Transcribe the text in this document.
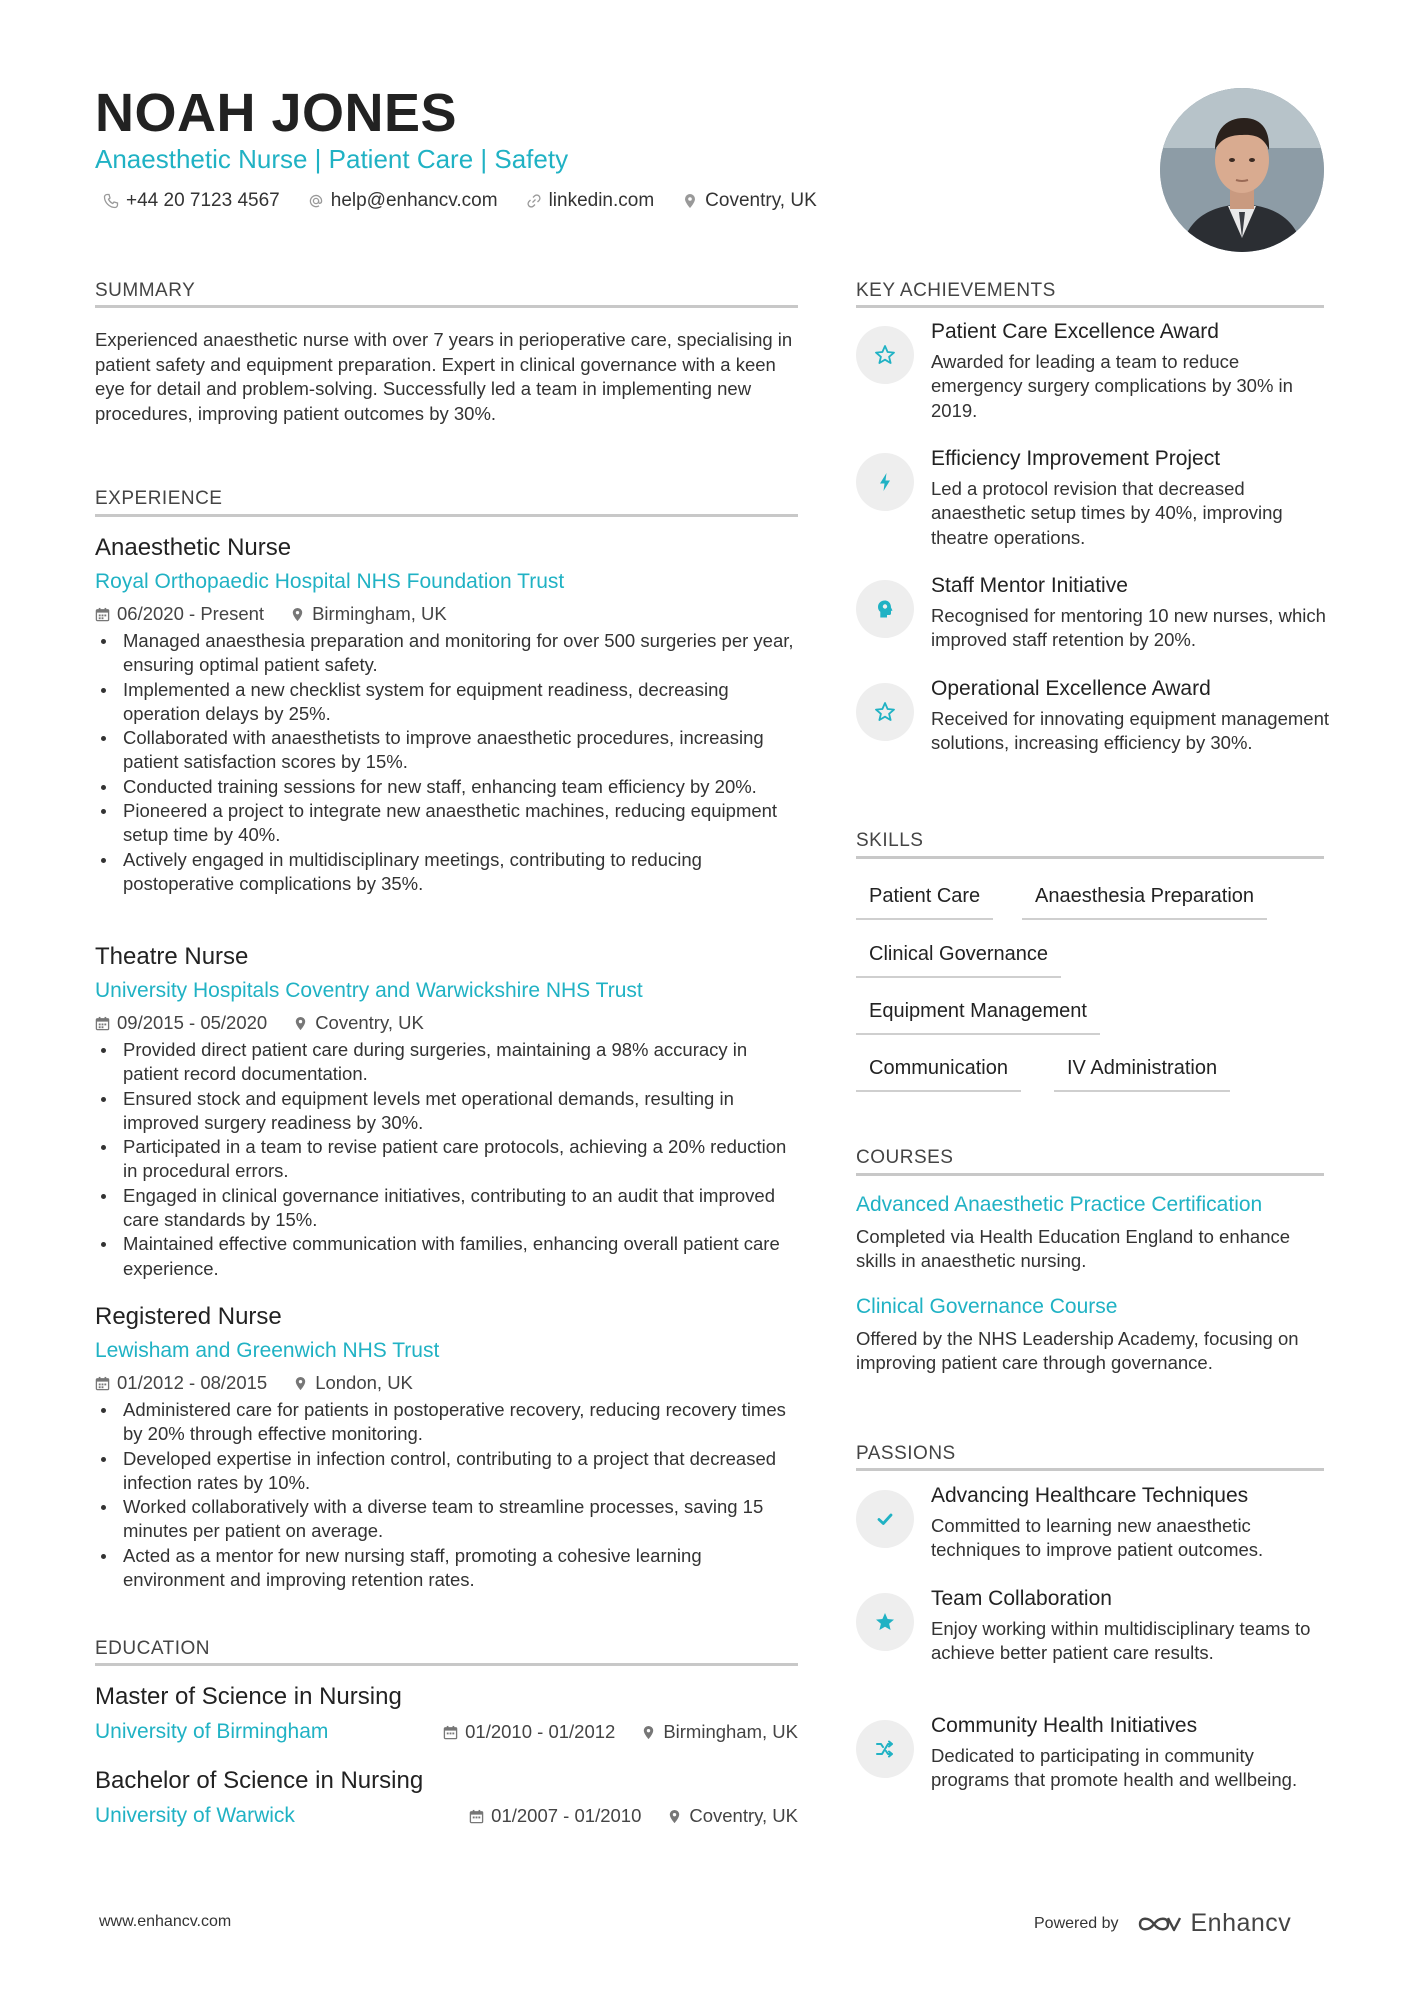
NOAH JONES
Anaesthetic Nurse | Patient Care | Safety
+44 20 7123 4567	help@enhancv.com	linkedin.com	Coventry, UK
SUMMARY
Experienced anaesthetic nurse with over 7 years in perioperative care, specialising in patient safety and equipment preparation. Expert in clinical governance with a keen eye for detail and problem-solving. Successfully led a team in implementing new procedures, improving patient outcomes by 30%.
EXPERIENCE
Anaesthetic Nurse
Royal Orthopaedic Hospital NHS Foundation Trust
06/2020 - Present	Birmingham, UK
Managed anaesthesia preparation and monitoring for over 500 surgeries per year, ensuring optimal patient safety.
Implemented a new checklist system for equipment readiness, decreasing operation delays by 25%.
Collaborated with anaesthetists to improve anaesthetic procedures, increasing patient satisfaction scores by 15%.
Conducted training sessions for new staff, enhancing team efficiency by 20%.
Pioneered a project to integrate new anaesthetic machines, reducing equipment setup time by 40%.
Actively engaged in multidisciplinary meetings, contributing to reducing postoperative complications by 35%.
Theatre Nurse
University Hospitals Coventry and Warwickshire NHS Trust
09/2015 - 05/2020	Coventry, UK
Provided direct patient care during surgeries, maintaining a 98% accuracy in patient record documentation.
Ensured stock and equipment levels met operational demands, resulting in improved surgery readiness by 30%.
Participated in a team to revise patient care protocols, achieving a 20% reduction in procedural errors.
Engaged in clinical governance initiatives, contributing to an audit that improved care standards by 15%.
Maintained effective communication with families, enhancing overall patient care experience.
Registered Nurse
Lewisham and Greenwich NHS Trust
01/2012 - 08/2015	London, UK
Administered care for patients in postoperative recovery, reducing recovery times by 20% through effective monitoring.
Developed expertise in infection control, contributing to a project that decreased infection rates by 10%.
Worked collaboratively with a diverse team to streamline processes, saving 15 minutes per patient on average.
Acted as a mentor for new nursing staff, promoting a cohesive learning environment and improving retention rates.
EDUCATION
Master of Science in Nursing
University of Birmingham	01/2010 - 01/2012	Birmingham, UK
Bachelor of Science in Nursing
University of Warwick	01/2007 - 01/2010	Coventry, UK
KEY ACHIEVEMENTS
Patient Care Excellence Award
Awarded for leading a team to reduce emergency surgery complications by 30% in 2019.
Efficiency Improvement Project
Led a protocol revision that decreased anaesthetic setup times by 40%, improving theatre operations.
Staff Mentor Initiative
Recognised for mentoring 10 new nurses, which improved staff retention by 20%.
Operational Excellence Award
Received for innovating equipment management solutions, increasing efficiency by 30%.
SKILLS
Patient Care	Anaesthesia Preparation
Clinical Governance
Equipment Management
Communication	IV Administration
COURSES
Advanced Anaesthetic Practice Certification
Completed via Health Education England to enhance skills in anaesthetic nursing.
Clinical Governance Course
Offered by the NHS Leadership Academy, focusing on improving patient care through governance.
PASSIONS
Advancing Healthcare Techniques
Committed to learning new anaesthetic techniques to improve patient outcomes.
Team Collaboration
Enjoy working within multidisciplinary teams to achieve better patient care results.
Community Health Initiatives
Dedicated to participating in community programs that promote health and wellbeing.
www.enhancv.com	Powered by	Enhancv
